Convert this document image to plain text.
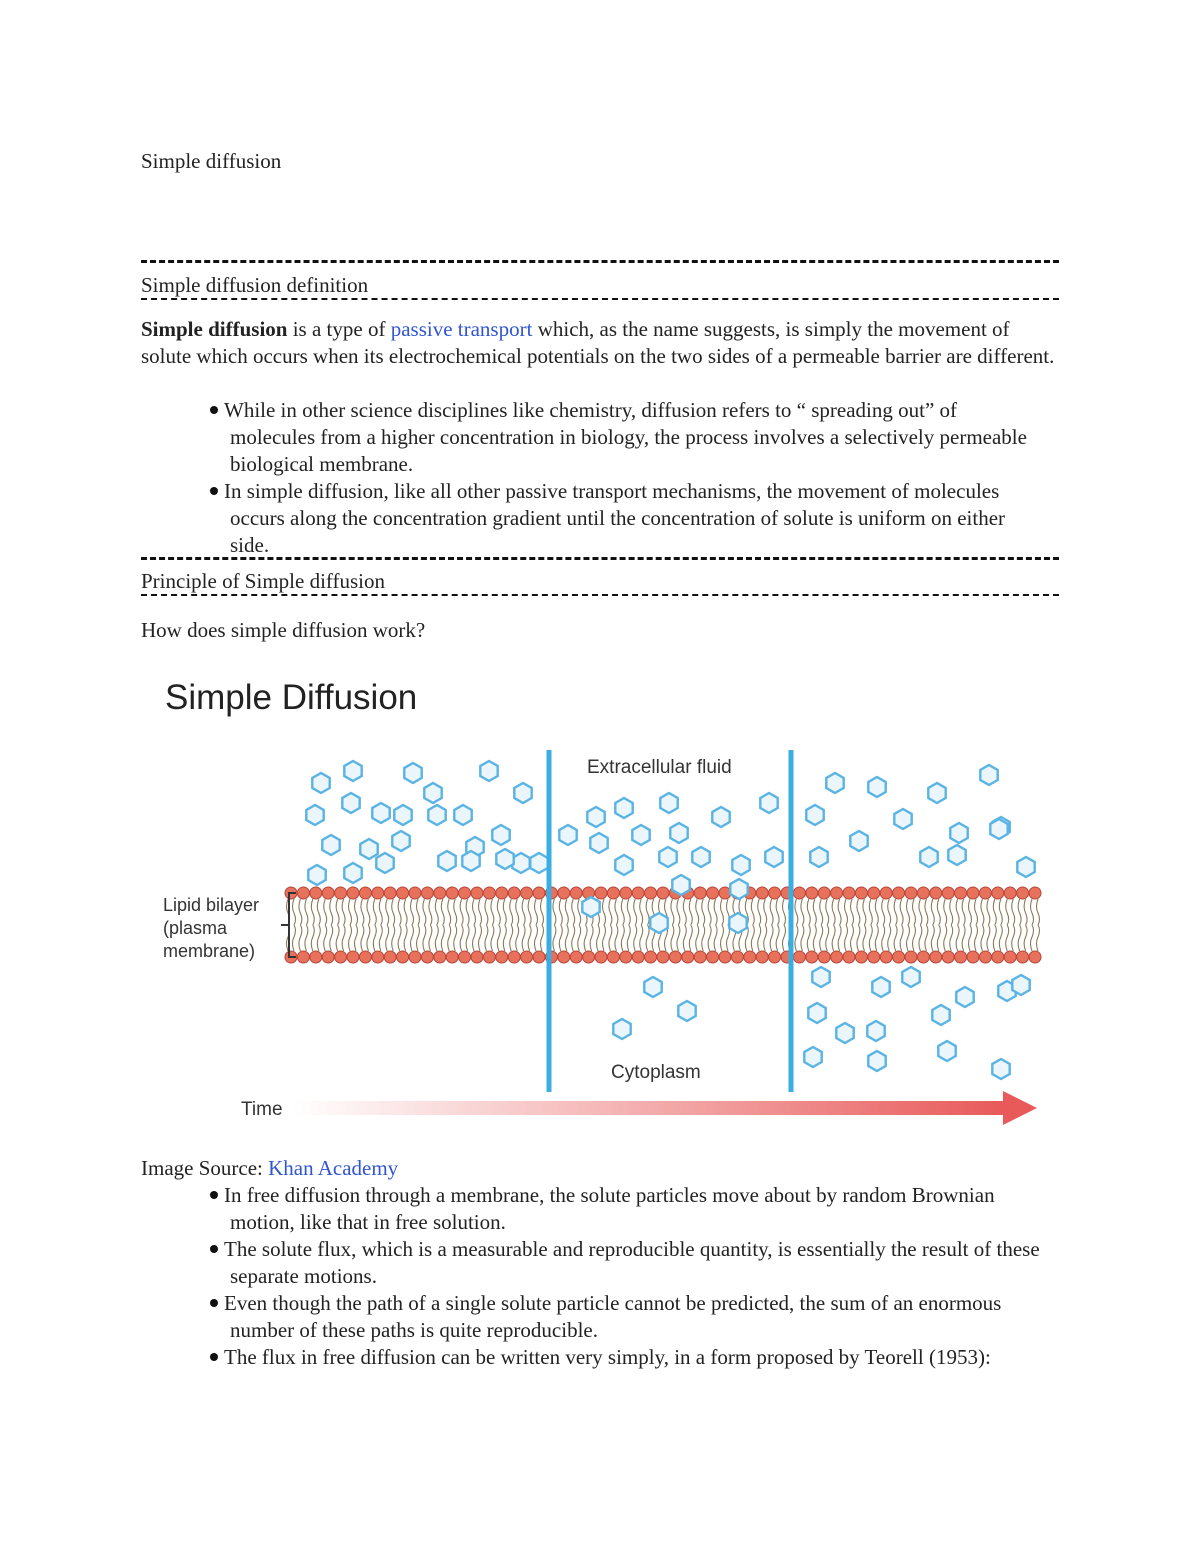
Simple diffusion
Simple diffusion definition
Simple diffusion is a type of passive transport which, as the name suggests, is simply the movement of solute which occurs when its electrochemical potentials on the two sides of a permeable barrier are different.
While in other science disciplines like chemistry, diffusion refers to “ spreading out” of molecules from a higher concentration in biology, the process involves a selectively permeable biological membrane.
In simple diffusion, like all other passive transport mechanisms, the movement of molecules occurs along the concentration gradient until the concentration of solute is uniform on either side.
Principle of Simple diffusion
How does simple diffusion work?
Simple Diffusion
Extracellular fluid
Cytoplasm
Lipid bilayer
(plasma
membrane)
Time
Image Source: Khan Academy
In free diffusion through a membrane, the solute particles move about by random Brownian motion, like that in free solution.
The solute flux, which is a measurable and reproducible quantity, is essentially the result of these separate motions.
Even though the path of a single solute particle cannot be predicted, the sum of an enormous number of these paths is quite reproducible.
The flux in free diffusion can be written very simply, in a form proposed by Teorell (1953):
